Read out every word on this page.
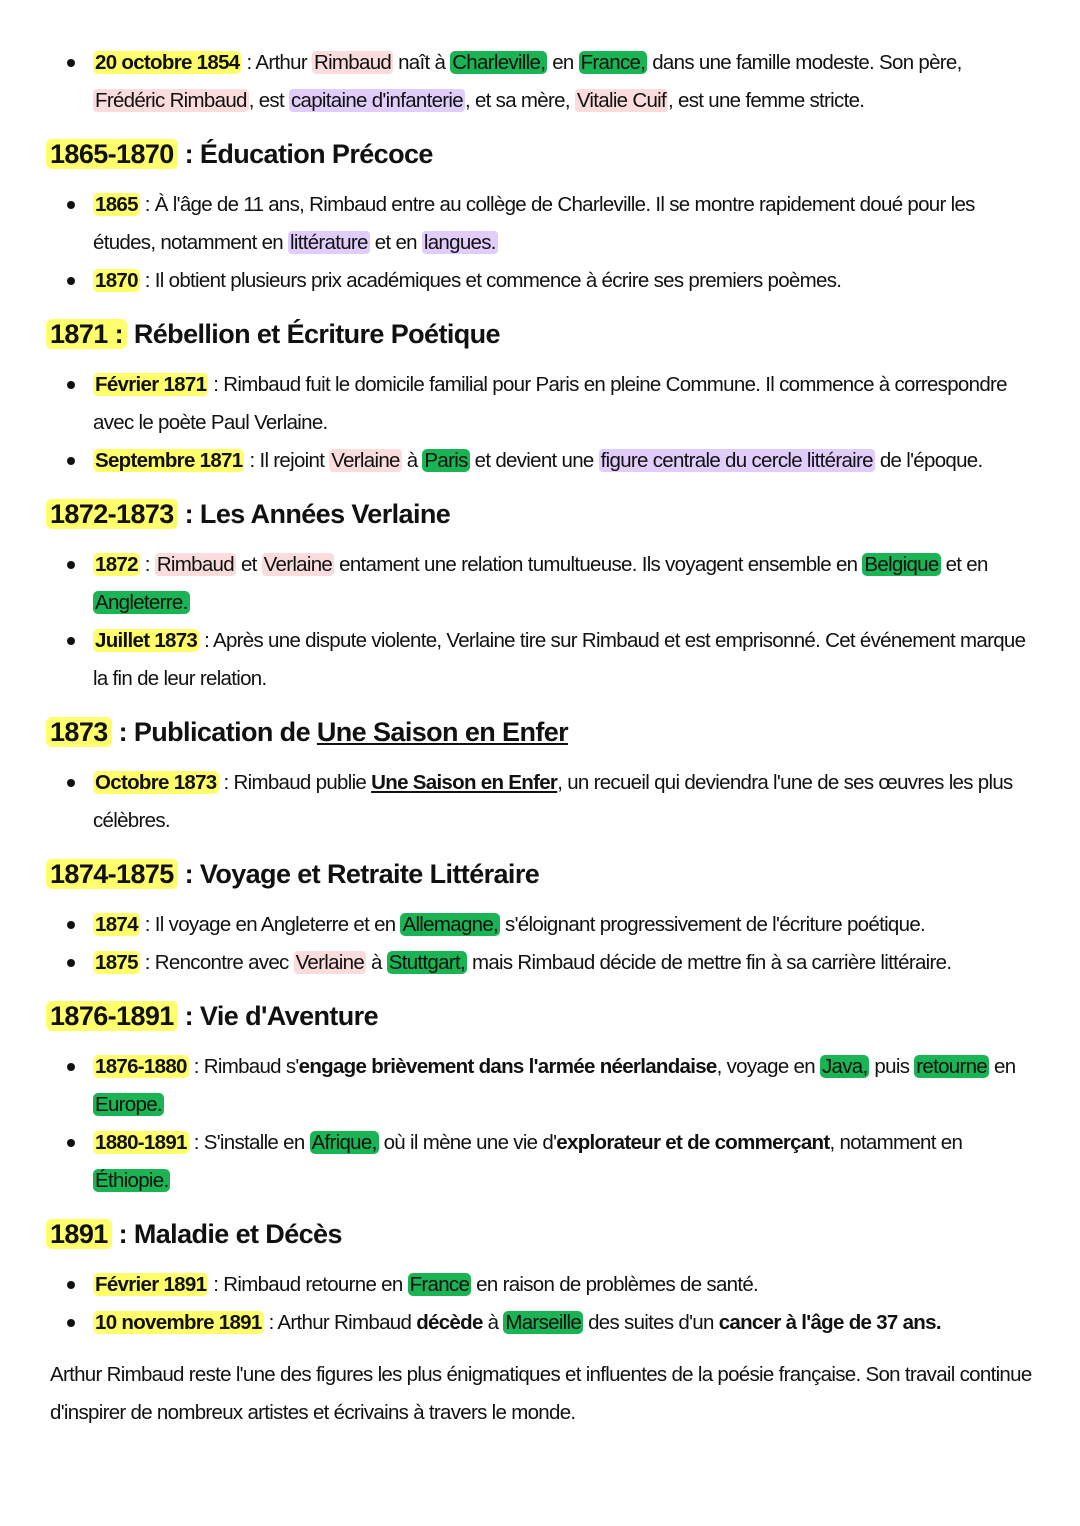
20 octobre 1854 : Arthur Rimbaud naît à Charleville, en France, dans une famille modeste. Son père, Frédéric Rimbaud, est capitaine d'infanterie, et sa mère, Vitalie Cuif, est une femme stricte.
1865-1870 : Éducation Précoce
1865 : À l'âge de 11 ans, Rimbaud entre au collège de Charleville. Il se montre rapidement doué pour les études, notamment en littérature et en langues.
1870 : Il obtient plusieurs prix académiques et commence à écrire ses premiers poèmes.
1871 : Rébellion et Écriture Poétique
Février 1871 : Rimbaud fuit le domicile familial pour Paris en pleine Commune. Il commence à correspondre avec le poète Paul Verlaine.
Septembre 1871 : Il rejoint Verlaine à Paris et devient une figure centrale du cercle littéraire de l'époque.
1872-1873 : Les Années Verlaine
1872 : Rimbaud et Verlaine entament une relation tumultueuse. Ils voyagent ensemble en Belgique et en Angleterre.
Juillet 1873 : Après une dispute violente, Verlaine tire sur Rimbaud et est emprisonné. Cet événement marque la fin de leur relation.
1873 : Publication de Une Saison en Enfer
Octobre 1873 : Rimbaud publie Une Saison en Enfer, un recueil qui deviendra l'une de ses œuvres les plus célèbres.
1874-1875 : Voyage et Retraite Littéraire
1874 : Il voyage en Angleterre et en Allemagne, s'éloignant progressivement de l'écriture poétique.
1875 : Rencontre avec Verlaine à Stuttgart, mais Rimbaud décide de mettre fin à sa carrière littéraire.
1876-1891 : Vie d'Aventure
1876-1880 : Rimbaud s'engage brièvement dans l'armée néerlandaise, voyage en Java, puis retourne en Europe.
1880-1891 : S'installe en Afrique, où il mène une vie d'explorateur et de commerçant, notamment en Éthiopie.
1891 : Maladie et Décès
Février 1891 : Rimbaud retourne en France en raison de problèmes de santé.
10 novembre 1891 : Arthur Rimbaud décède à Marseille des suites d'un cancer à l'âge de 37 ans.

Arthur Rimbaud reste l'une des figures les plus énigmatiques et influentes de la poésie française. Son travail continue d'inspirer de nombreux artistes et écrivains à travers le monde.
